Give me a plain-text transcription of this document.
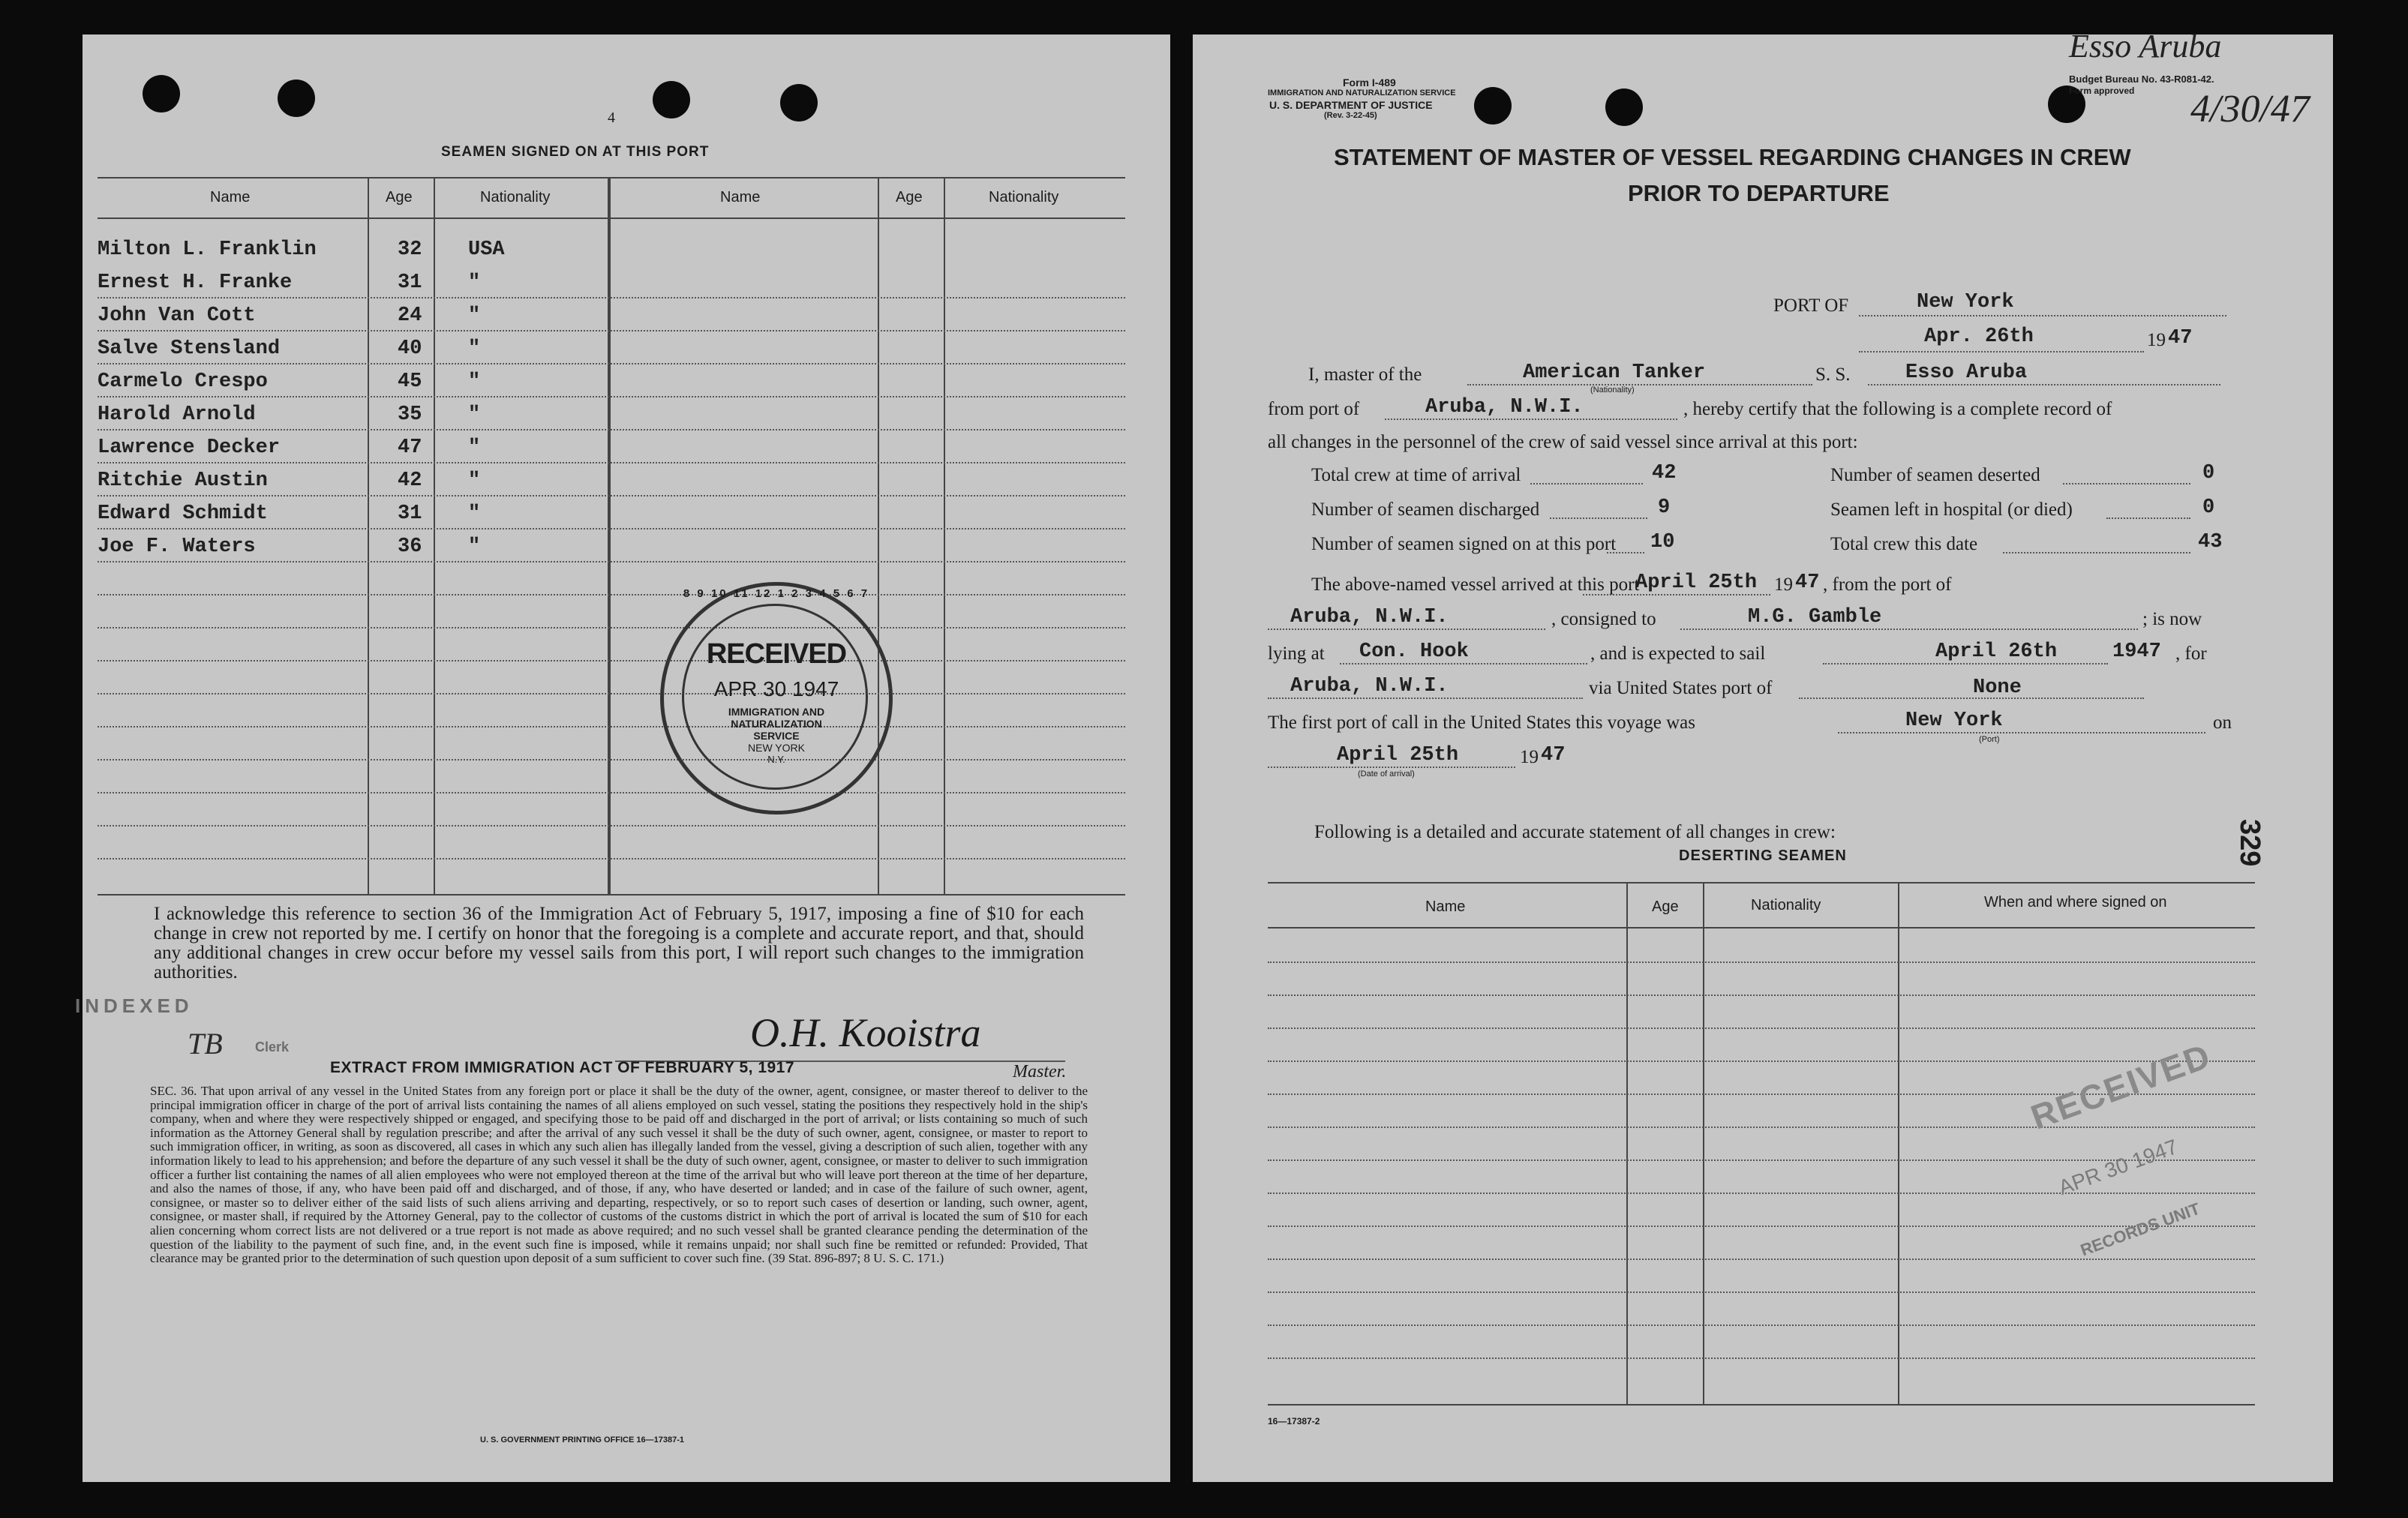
4
SEAMEN SIGNED ON AT THIS PORT
Name	Age	Nationality	Name	Age	Nationality
Milton L. Franklin	32 USA
Ernest H. Franke	31 "
John Van Cott	24 "
Salve Stensland	40 "
Carmelo Crespo	45 "
Harold Arnold	35 "
Lawrence Decker	47 "
Ritchie Austin	42 "
Edward Schmidt	31 "
Joe F. Waters	36 "
8 9 10 11 12 1 2 3 4 5 6 7
RECEIVED
APR 30 1947
IMMIGRATION AND
NATURALIZATION
SERVICE
NEW YORK
N.Y.
I acknowledge this reference to section 36 of the Immigration Act of February 5, 1917, imposing a fine of $10 for each change in crew not reported by me. I certify on honor that the foregoing is a complete and accurate report, and that, should any additional changes in crew occur before my vessel sails from this port, I will report such changes to the immigration authorities.
INDEXED
TB Clerk	O.H. Kooistra
Master.
EXTRACT FROM IMMIGRATION ACT OF FEBRUARY 5, 1917
SEC. 36. That upon arrival of any vessel in the United States from any foreign port or place it shall be the duty of the owner, agent, consignee, or master thereof to deliver to the principal immigration officer in charge of the port of arrival lists containing the names of all aliens employed on such vessel, stating the positions they respectively hold in the ship's company, when and where they were respectively shipped or engaged, and specifying those to be paid off and discharged in the port of arrival; or lists containing so much of such information as the Attorney General shall by regulation prescribe; and after the arrival of any such vessel it shall be the duty of such owner, agent, consignee, or master to report to such immigration officer, in writing, as soon as discovered, all cases in which any such alien has illegally landed from the vessel, giving a description of such alien, together with any information likely to lead to his apprehension; and before the departure of any such vessel it shall be the duty of such owner, agent, consignee, or master to deliver to such immigration officer a further list containing the names of all alien employees who were not employed thereon at the time of the arrival but who will leave port thereon at the time of her departure, and also the names of those, if any, who have been paid off and discharged, and of those, if any, who have deserted or landed; and in case of the failure of such owner, agent, consignee, or master so to deliver either of the said lists of such aliens arriving and departing, respectively, or so to report such cases of desertion or landing, such owner, agent, consignee, or master shall, if required by the Attorney General, pay to the collector of customs of the customs district in which the port of arrival is located the sum of $10 for each alien concerning whom correct lists are not delivered or a true report is not made as above required; and no such vessel shall be granted clearance pending the determination of the question of the liability to the payment of such fine, and, in the event such fine is imposed, while it remains unpaid; nor shall such fine be remitted or refunded: Provided, That clearance may be granted prior to the determination of such question upon deposit of a sum sufficient to cover such fine. (39 Stat. 896-897; 8 U. S. C. 171.)
U. S. GOVERNMENT PRINTING OFFICE 16—17387-1
Form I-489
IMMIGRATION AND NATURALIZATION SERVICE
U. S. DEPARTMENT OF JUSTICE
(Rev. 3-22-45)
Budget Bureau No. 43-R081-42.
Form approved
Esso Aruba
4/30/47
STATEMENT OF MASTER OF VESSEL REGARDING CHANGES IN CREW
PRIOR TO DEPARTURE
PORT OF	New York
Apr. 26th	19 47
I, master of the	American Tanker
(Nationality)
S. S.	Esso Aruba
from port of	Aruba, N.W.I.	, hereby certify that the following is a complete record of
all changes in the personnel of the crew of said vessel since arrival at this port:
Total crew at time of arrival	42	Number of seamen deserted	0
Number of seamen discharged	9	Seamen left in hospital (or died)	0
Number of seamen signed on at this port 10	Total crew this date	43
The above-named vessel arrived at this port
April 25th 19 47 , from the port of
Aruba, N.W.I.	, consigned to	M.G. Gamble	; is now
lying at Con. Hook	, and is expected to sail	April 26th	1947 , for
Aruba, N.W.I.	via United States port of	None
The first port of call in the United States this voyage was	New York
(Port)
on
April 25th
(Date of arrival)
19 47
Following is a detailed and accurate statement of all changes in crew:
DESERTING SEAMEN	329
Name	Age	Nationality	When and where signed on
RECEIVED
APR 30 1947
RECORDS UNIT
16—17387-2
